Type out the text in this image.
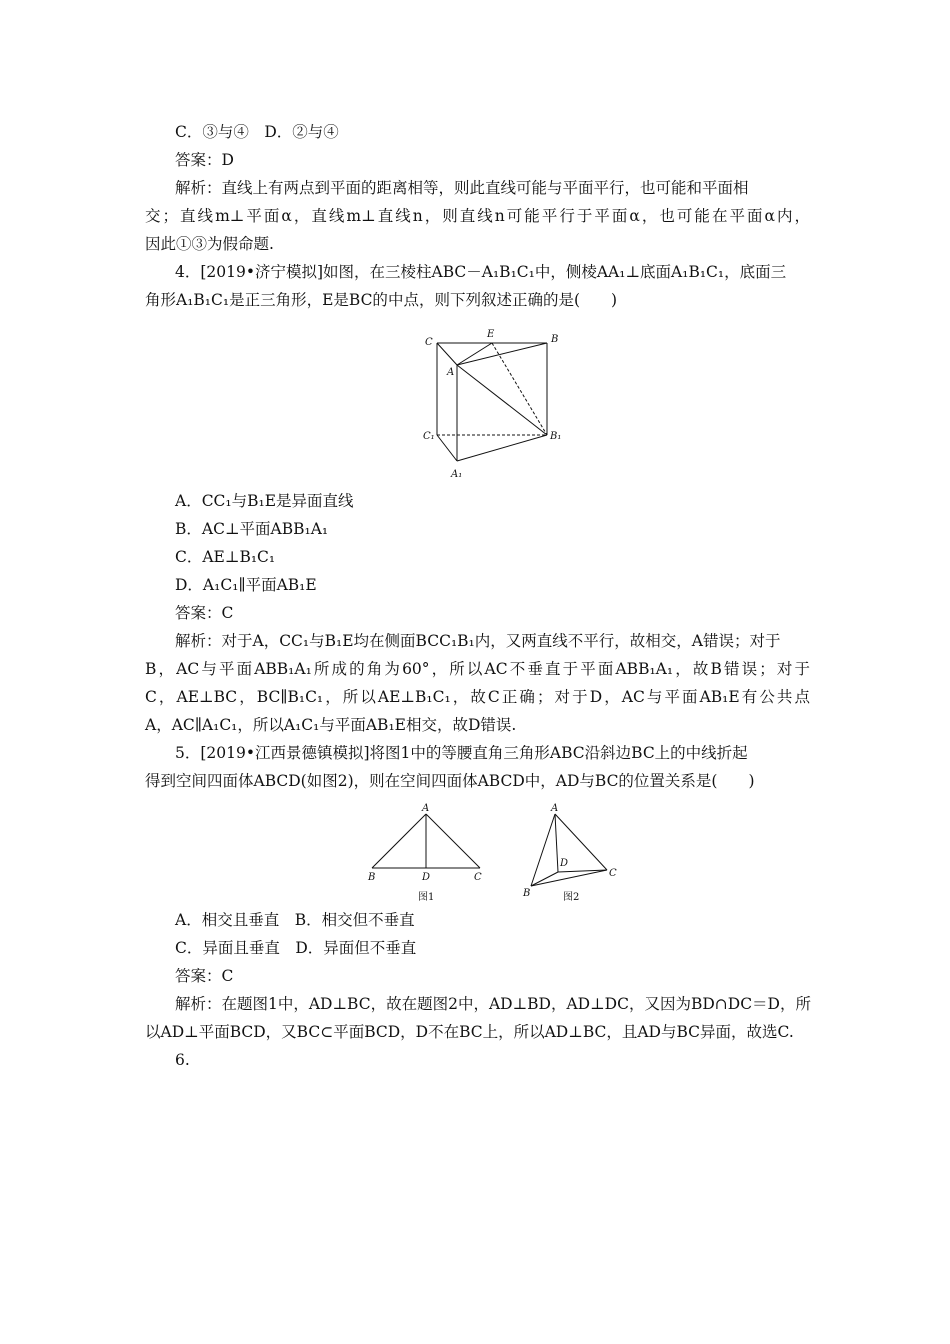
C．③与④　D．②与④
答案：D
解析：直线上有两点到平面的距离相等，则此直线可能与平面平行，也可能和平面相
交；直线m⊥平面α，直线m⊥直线n，则直线n可能平行于平面α，也可能在平面α内，
因此①③为假命题.
4．[2019•济宁模拟]如图，在三棱柱ABC－A₁B₁C₁中，侧棱AA₁⊥底面A₁B₁C₁，底面三
角形A₁B₁C₁是正三角形，E是BC的中点，则下列叙述正确的是(　　)
C
E	B
A
C₁	B₁
A₁
A．CC₁与B₁E是异面直线
B．AC⊥平面ABB₁A₁
C．AE⊥B₁C₁
D．A₁C₁∥平面AB₁E
答案：C
解析：对于A，CC₁与B₁E均在侧面BCC₁B₁内，又两直线不平行，故相交，A错误；对于
B，AC与平面ABB₁A₁所成的角为60°，所以AC不垂直于平面ABB₁A₁，故B错误；对于
C，AE⊥BC，BC∥B₁C₁，所以AE⊥B₁C₁，故C正确；对于D，AC与平面AB₁E有公共点
A，AC∥A₁C₁，所以A₁C₁与平面AB₁E相交，故D错误.
5．[2019•江西景德镇模拟]将图1中的等腰直角三角形ABC沿斜边BC上的中线折起
得到空间四面体ABCD(如图2)，则在空间四面体ABCD中，AD与BC的位置关系是(　　)
A
B	D	C
图1
A
D
C
B	图2
A．相交且垂直　B．相交但不垂直
C．异面且垂直　D．异面但不垂直
答案：C
解析：在题图1中，AD⊥BC，故在题图2中，AD⊥BD，AD⊥DC，又因为BD∩DC＝D，所
以AD⊥平面BCD，又BC⊂平面BCD，D不在BC上，所以AD⊥BC，且AD与BC异面，故选C.
6.
